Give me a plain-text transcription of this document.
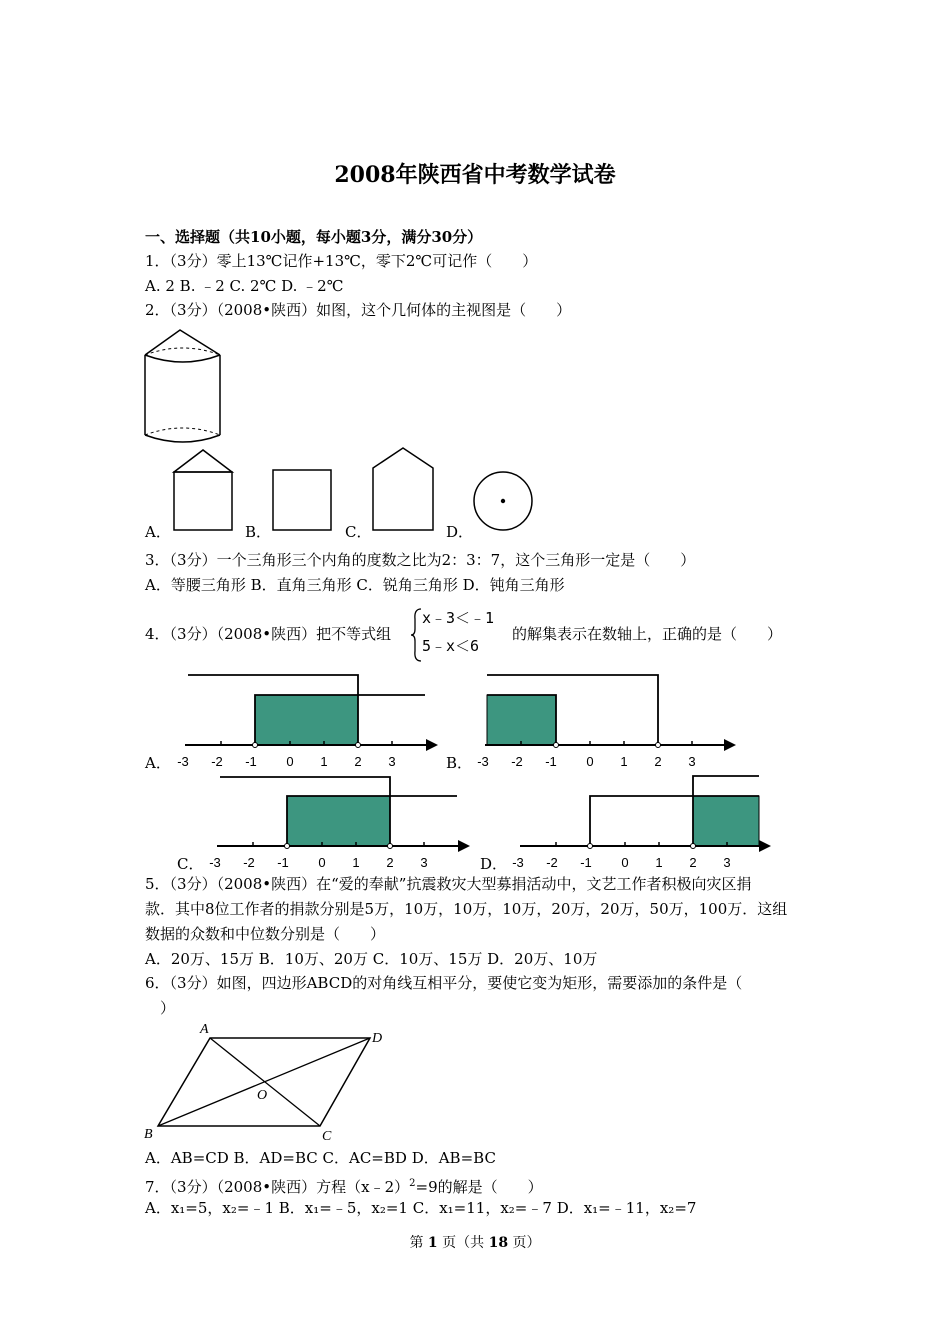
2008年陕西省中考数学试卷
一、选择题（共10小题，每小题3分，满分30分）
1．（3分）零上13℃记作+13℃，零下2℃可记作（　　）
A. 2 B. ﹣2 C. 2℃ D. ﹣2℃
2．（3分）（2008•陕西）如图，这个几何体的主视图是（　　）
A．	B．	C．	D．
3．（3分）一个三角形三个内角的度数之比为2：3：7，这个三角形一定是（　　）
A．等腰三角形 B．直角三角形 C．锐角三角形 D．钝角三角形
4．（3分）（2008•陕西）把不等式组
x﹣3＜﹣1
5﹣x＜6
的解集表示在数轴上，正确的是（　　）
A． -3 -2 -1 0 1 2 3	B． -3 -2 -1 0 1 2 3
C． -3 -2 -1 0 1 2 3	D． -3 -2 -1 0 1 2 3
5．（3分）（2008•陕西）在“爱的奉献”抗震救灾大型募捐活动中，文艺工作者积极向灾区捐
款．其中8位工作者的捐款分别是5万，10万，10万，10万，20万，20万，50万，100万．这组
数据的众数和中位数分别是（　　）
A．20万、15万 B．10万、20万 C．10万、15万 D．20万、10万
6．（3分）如图，四边形ABCD的对角线互相平分，要使它变为矩形，需要添加的条件是（
）
A
D
B	C
O
A．AB=CD B．AD=BC C．AC=BD D．AB=BC
7．（3分）（2008•陕西）方程（x﹣2）$^2$=9的解是（　　）
A．x₁=5，x₂=﹣1 B．x₁=﹣5，x₂=1 C．x₁=11，x₂=﹣7 D．x₁=﹣11，x₂=7
第 1 页（共 18 页）
